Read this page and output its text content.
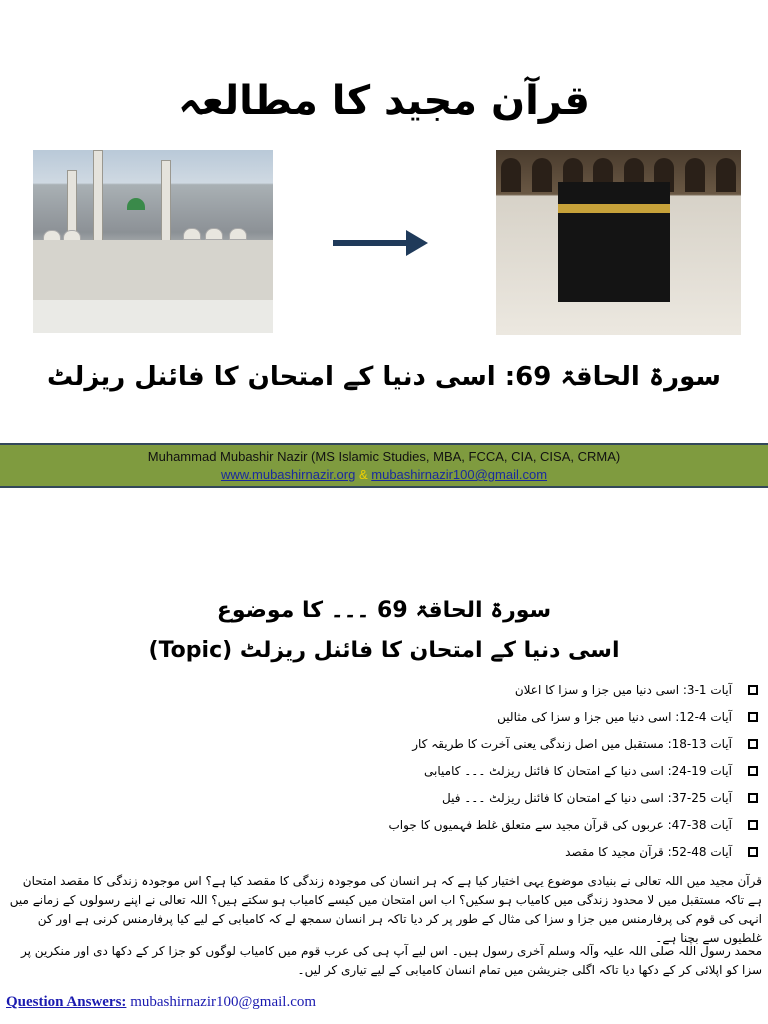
قرآن مجید کا مطالعہ
سورۃ الحاقۃ 69: اسی دنیا کے امتحان کا فائنل ریزلٹ
Muhammad Mubashir Nazir (MS Islamic Studies, MBA, FCCA, CIA, CISA, CRMA)
www.mubashirnazir.org & mubashirnazir100@gmail.com
سورۃ الحاقۃ 69 ۔۔۔ کا موضوع
اسی دنیا کے امتحان کا فائنل ریزلٹ (Topic)
آیات 1-3: اسی دنیا میں جزا و سزا کا اعلان
آیات 4-12: اسی دنیا میں جزا و سزا کی مثالیں
آیات 13-18: مستقبل میں اصل زندگی یعنی آخرت کا طریقہ کار
آیات 19-24: اسی دنیا کے امتحان کا فائنل ریزلٹ ۔۔۔ کامیابی
آیات 25-37: اسی دنیا کے امتحان کا فائنل ریزلٹ ۔۔۔ فیل
آیات 38-47: عربوں کی قرآن مجید سے متعلق غلط فہمیوں کا جواب
آیات 48-52: قرآن مجید کا مقصد
قرآن مجید میں اللہ تعالی نے بنیادی موضوع یہی اختیار کیا ہے کہ ہر انسان کی موجودہ زندگی کا مقصد کیا ہے؟ اس موجودہ زندگی کا مقصد امتحان ہے تاکہ مستقبل میں لا محدود زندگی میں کامیاب ہو سکیں؟ اب اس امتحان میں کیسے کامیاب ہو سکتے ہیں؟ اللہ تعالی نے اپنے رسولوں کے زمانے میں انہی کی قوم کی پرفارمنس میں جزا و سزا کی مثال کے طور پر کر دیا تاکہ ہر انسان سمجھ لے کہ کامیابی کے لیے کیا پرفارمنس کرنی ہے اور کن غلطیوں سے بچنا ہے۔
محمد رسول اللہ صلی اللہ علیہ وآلہ وسلم آخری رسول ہیں۔ اس لیے آپ ہی کی عرب قوم میں کامیاب لوگوں کو جزا کر کے دکھا دی اور منکرین پر سزا کو اپلائی کر کے دکھا دیا تاکہ اگلی جنریشن میں تمام انسان کامیابی کے لیے تیاری کر لیں۔
Question Answers: mubashirnazir100@gmail.com
